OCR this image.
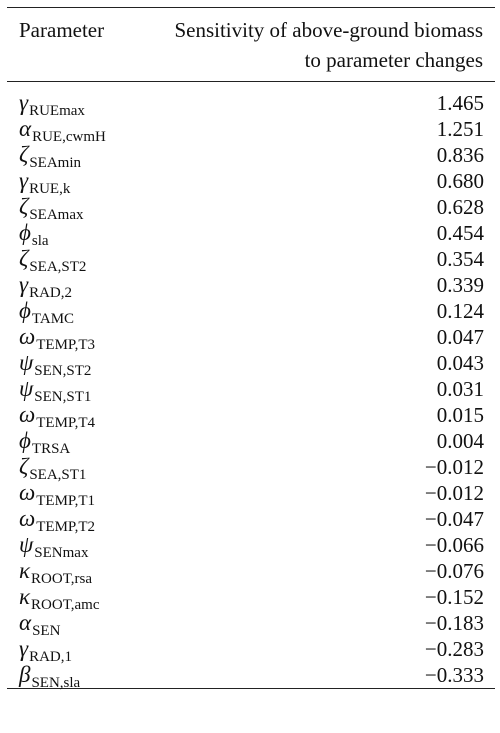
Parameter	Sensitivity of above-ground biomass
to parameter changes
$\gamma_{RUEmax}$	1.465
$\alpha_{RUE,cwmH}$	1.251
$\zeta_{SEAmin}$	0.836
$\gamma_{RUE,k}$	0.680
$\zeta_{SEAmax}$	0.628
$\phi_{sla}$	0.454
$\zeta_{SEA,ST2}$	0.354
$\gamma_{RAD,2}$	0.339
$\phi_{TAMC}$	0.124
$\omega_{TEMP,T3}$	0.047
$\psi_{SEN,ST2}$	0.043
$\psi_{SEN,ST1}$	0.031
$\omega_{TEMP,T4}$	0.015
$\phi_{TRSA}$	0.004
$\zeta_{SEA,ST1}$	−0.012
$\omega_{TEMP,T1}$	−0.012
$\omega_{TEMP,T2}$	−0.047
$\psi_{SENmax}$	−0.066
$\kappa_{ROOT,rsa}$	−0.076
$\kappa_{ROOT,amc}$	−0.152
$\alpha_{SEN}$	−0.183
$\gamma_{RAD,1}$	−0.283
$\beta_{SEN,sla}$	−0.333
